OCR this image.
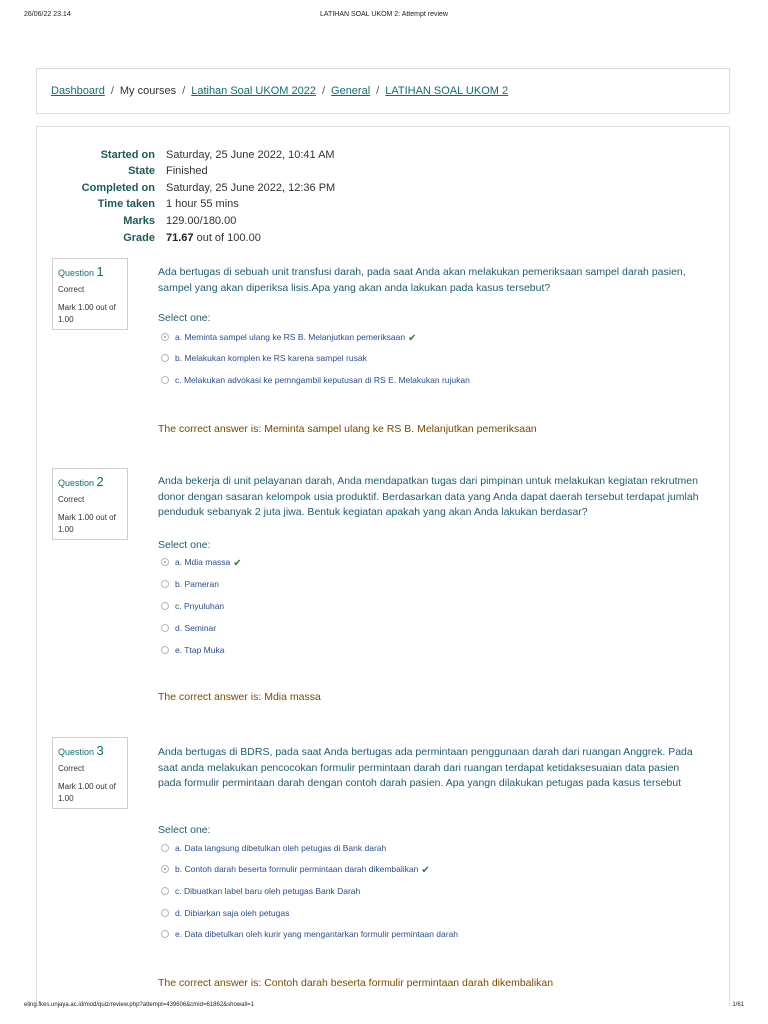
26/06/22 23.14	LATIHAN SOAL UKOM 2: Attempt review
Dashboard / My courses / Latihan Soal UKOM 2022 / General / LATIHAN SOAL UKOM 2
Started on Saturday, 25 June 2022, 10:41 AM
State Finished
Completed on Saturday, 25 June 2022, 12:36 PM
Time taken 1 hour 55 mins
Marks 129.00/180.00
Grade 71.67 out of 100.00
Question 1
Correct
Mark 1.00 out of 1.00
Ada bertugas di sebuah unit transfusi darah, pada saat Anda akan melakukan pemeriksaan sampel darah pasien, sampel yang akan diperiksa lisis.Apa yang akan anda lakukan pada kasus tersebut?
Select one:
a. Meminta sampel ulang ke RS B. Melanjutkan pemeriksaan ✔
b. Melakukan komplen ke RS karena sampel rusak
c. Melakukan advokasi ke pemngambil keputusan di RS E. Melakukan rujukan
The correct answer is: Meminta sampel ulang ke RS B. Melanjutkan pemeriksaan
Question 2
Correct
Mark 1.00 out of 1.00
Anda bekerja di unit pelayanan darah, Anda mendapatkan tugas dari pimpinan untuk melakukan kegiatan rekrutmen donor dengan sasaran kelompok usia produktif. Berdasarkan data yang Anda dapat daerah tersebut terdapat jumlah penduduk sebanyak 2 juta jiwa. Bentuk kegiatan apakah yang akan Anda lakukan berdasar?
Select one:
a. Mdia massa ✔
b. Pameran
c. Pnyuluhan
d. Seminar
e. Ttap Muka
The correct answer is: Mdia massa
Question 3
Correct
Mark 1.00 out of 1.00
Anda bertugas di BDRS, pada saat Anda bertugas ada permintaan penggunaan darah dari ruangan Anggrek. Pada saat anda melakukan pencocokan formulir permintaan darah dari ruangan terdapat ketidaksesuaian data pasien pada formulir permintaan darah dengan contoh darah pasien. Apa yangn dilakukan petugas pada kasus tersebut
Select one:
a. Data langsung dibetulkan oleh petugas di Bank darah
b. Contoh darah beserta formulir permintaan darah dikembalikan ✔
c. Dibuatkan label baru oleh petugas Bank Darah
d. Dibiarkan saja oleh petugas
e. Data dibetulkan oleh kurir yang mengantarkan formulir permintaan darah
The correct answer is: Contoh darah beserta formulir permintaan darah dikembalikan
eling.fkes.unjaya.ac.id/mod/quiz/review.php?attempt=439606&cmid=61862&showall=1	1/61
